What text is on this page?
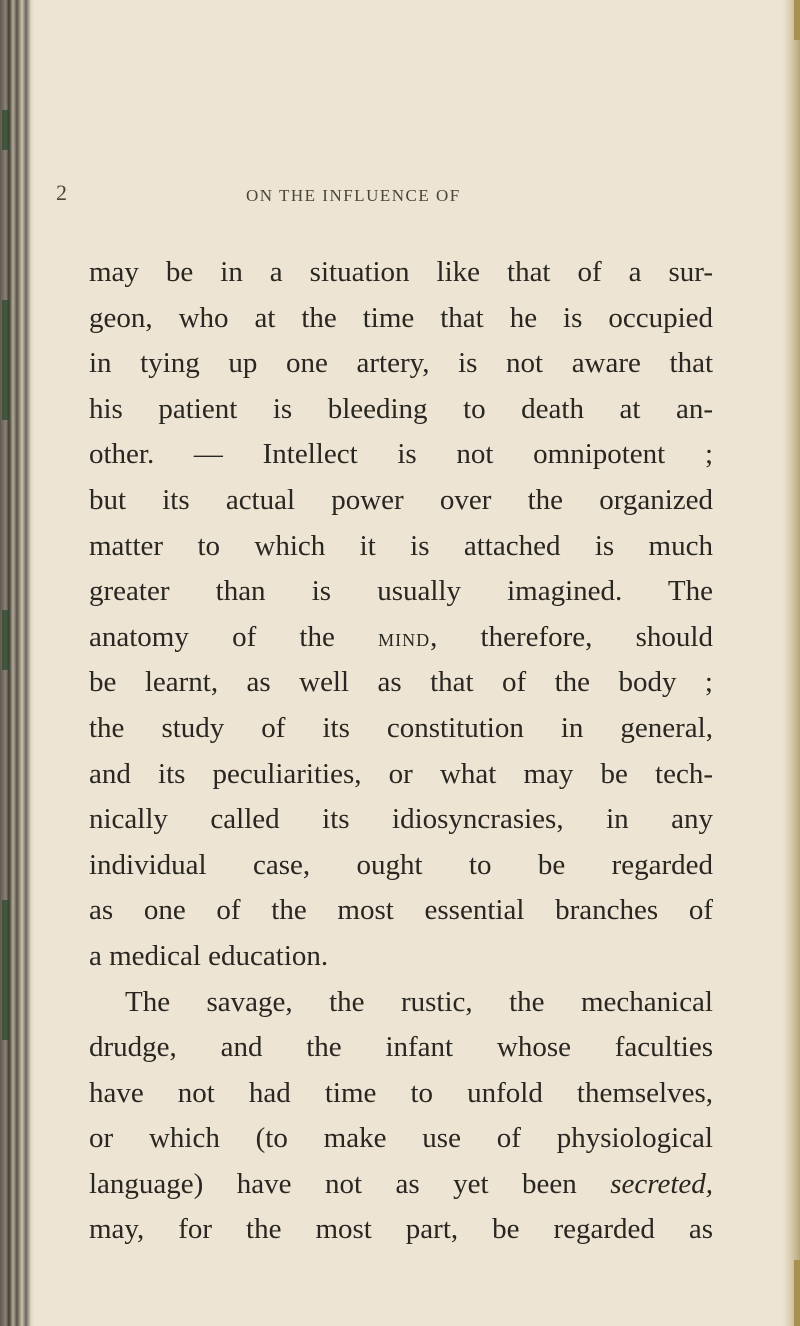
2	ON THE INFLUENCE OF
may be in a situation like that of a sur-
geon, who at the time that he is occupied
in tying up one artery, is not aware that
his patient is bleeding to death at an-
other. — Intellect is not omnipotent ;
but its actual power over the organized
matter to which it is attached is much
greater than is usually imagined. The
anatomy of the mind, therefore, should
be learnt, as well as that of the body ;
the study of its constitution in general,
and its peculiarities, or what may be tech-
nically called its idiosyncrasies, in any
individual case, ought to be regarded
as one of the most essential branches of
a medical education.
The savage, the rustic, the mechanical
drudge, and the infant whose faculties
have not had time to unfold themselves,
or which (to make use of physiological
language) have not as yet been secreted,
may, for the most part, be regarded as
